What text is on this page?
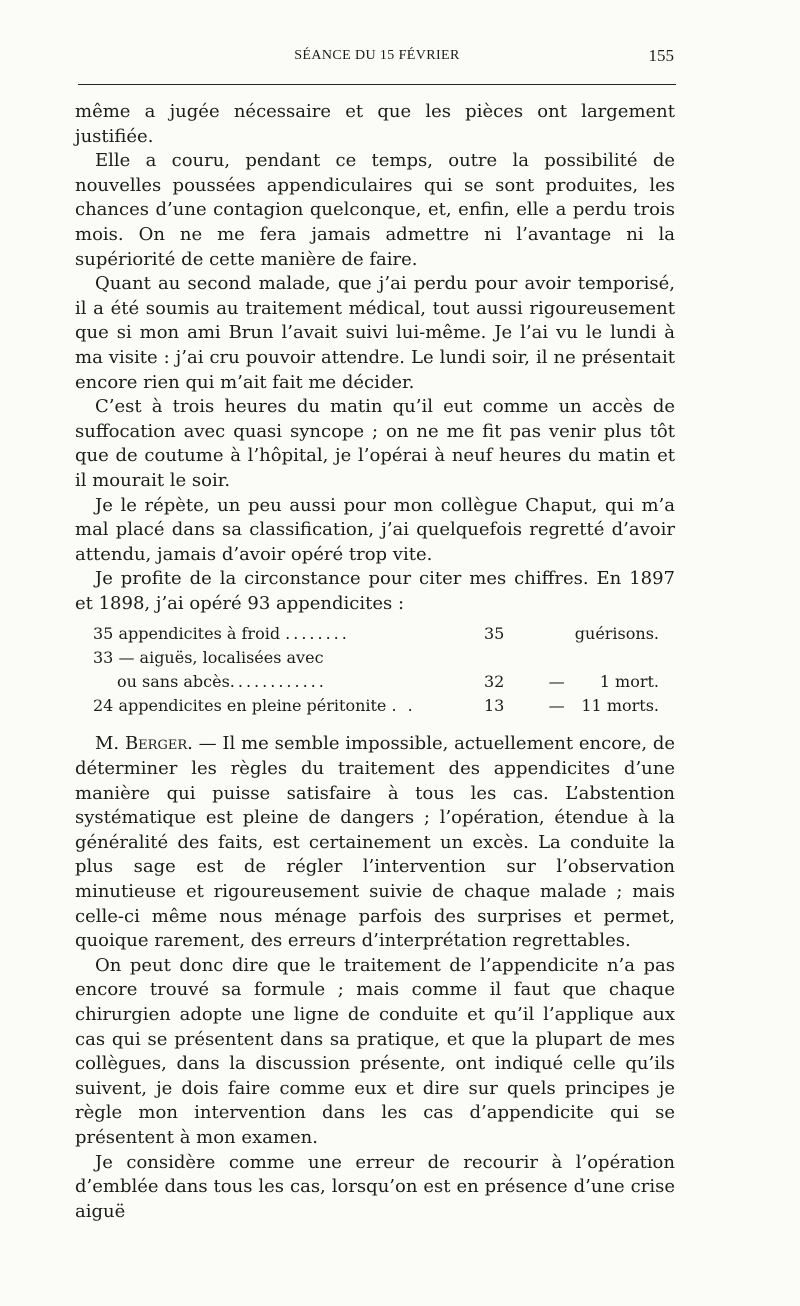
SÉANCE DU 15 FÉVRIER	155

même a jugée nécessaire et que les pièces ont largement justifiée.

Elle a couru, pendant ce temps, outre la possibilité de nouvelles poussées appendiculaires qui se sont produites, les chances d’une contagion quelconque, et, enfin, elle a perdu trois mois. On ne me fera jamais admettre ni l’avantage ni la supériorité de cette manière de faire.

Quant au second malade, que j’ai perdu pour avoir temporisé, il a été soumis au traitement médical, tout aussi rigoureusement que si mon ami Brun l’avait suivi lui-même. Je l’ai vu le lundi à ma visite : j’ai cru pouvoir attendre. Le lundi soir, il ne présentait encore rien qui m’ait fait me décider.

C’est à trois heures du matin qu’il eut comme un accès de suffocation avec quasi syncope ; on ne me fit pas venir plus tôt que de coutume à l’hôpital, je l’opérai à neuf heures du matin et il mourait le soir.

Je le répète, un peu aussi pour mon collègue Chaput, qui m’a mal placé dans sa classification, j’ai quelquefois regretté d’avoir attendu, jamais d’avoir opéré trop vite.

Je profite de la circonstance pour citer mes chiffres. En 1897 et 1898, j’ai opéré 93 appendicites :

35 appendicites à froid ........	35		guérisons.
33 — aiguës, localisées avec			
ou sans abcès............	32	—	1 mort.
24 appendicites en pleine péritonite . .	13	—	11 morts.

M. Berger. — Il me semble impossible, actuellement encore, de déterminer les règles du traitement des appendicites d’une manière qui puisse satisfaire à tous les cas. L’abstention systématique est pleine de dangers ; l’opération, étendue à la généralité des faits, est certainement un excès. La conduite la plus sage est de régler l’intervention sur l’observation minutieuse et rigoureusement suivie de chaque malade ; mais celle-ci même nous ménage parfois des surprises et permet, quoique rarement, des erreurs d’interprétation regrettables.

On peut donc dire que le traitement de l’appendicite n’a pas encore trouvé sa formule ; mais comme il faut que chaque chirurgien adopte une ligne de conduite et qu’il l’applique aux cas qui se présentent dans sa pratique, et que la plupart de mes collègues, dans la discussion présente, ont indiqué celle qu’ils suivent, je dois faire comme eux et dire sur quels principes je règle mon intervention dans les cas d’appendicite qui se présentent à mon examen.

Je considère comme une erreur de recourir à l’opération d’emblée dans tous les cas, lorsqu’on est en présence d’une crise aiguë
